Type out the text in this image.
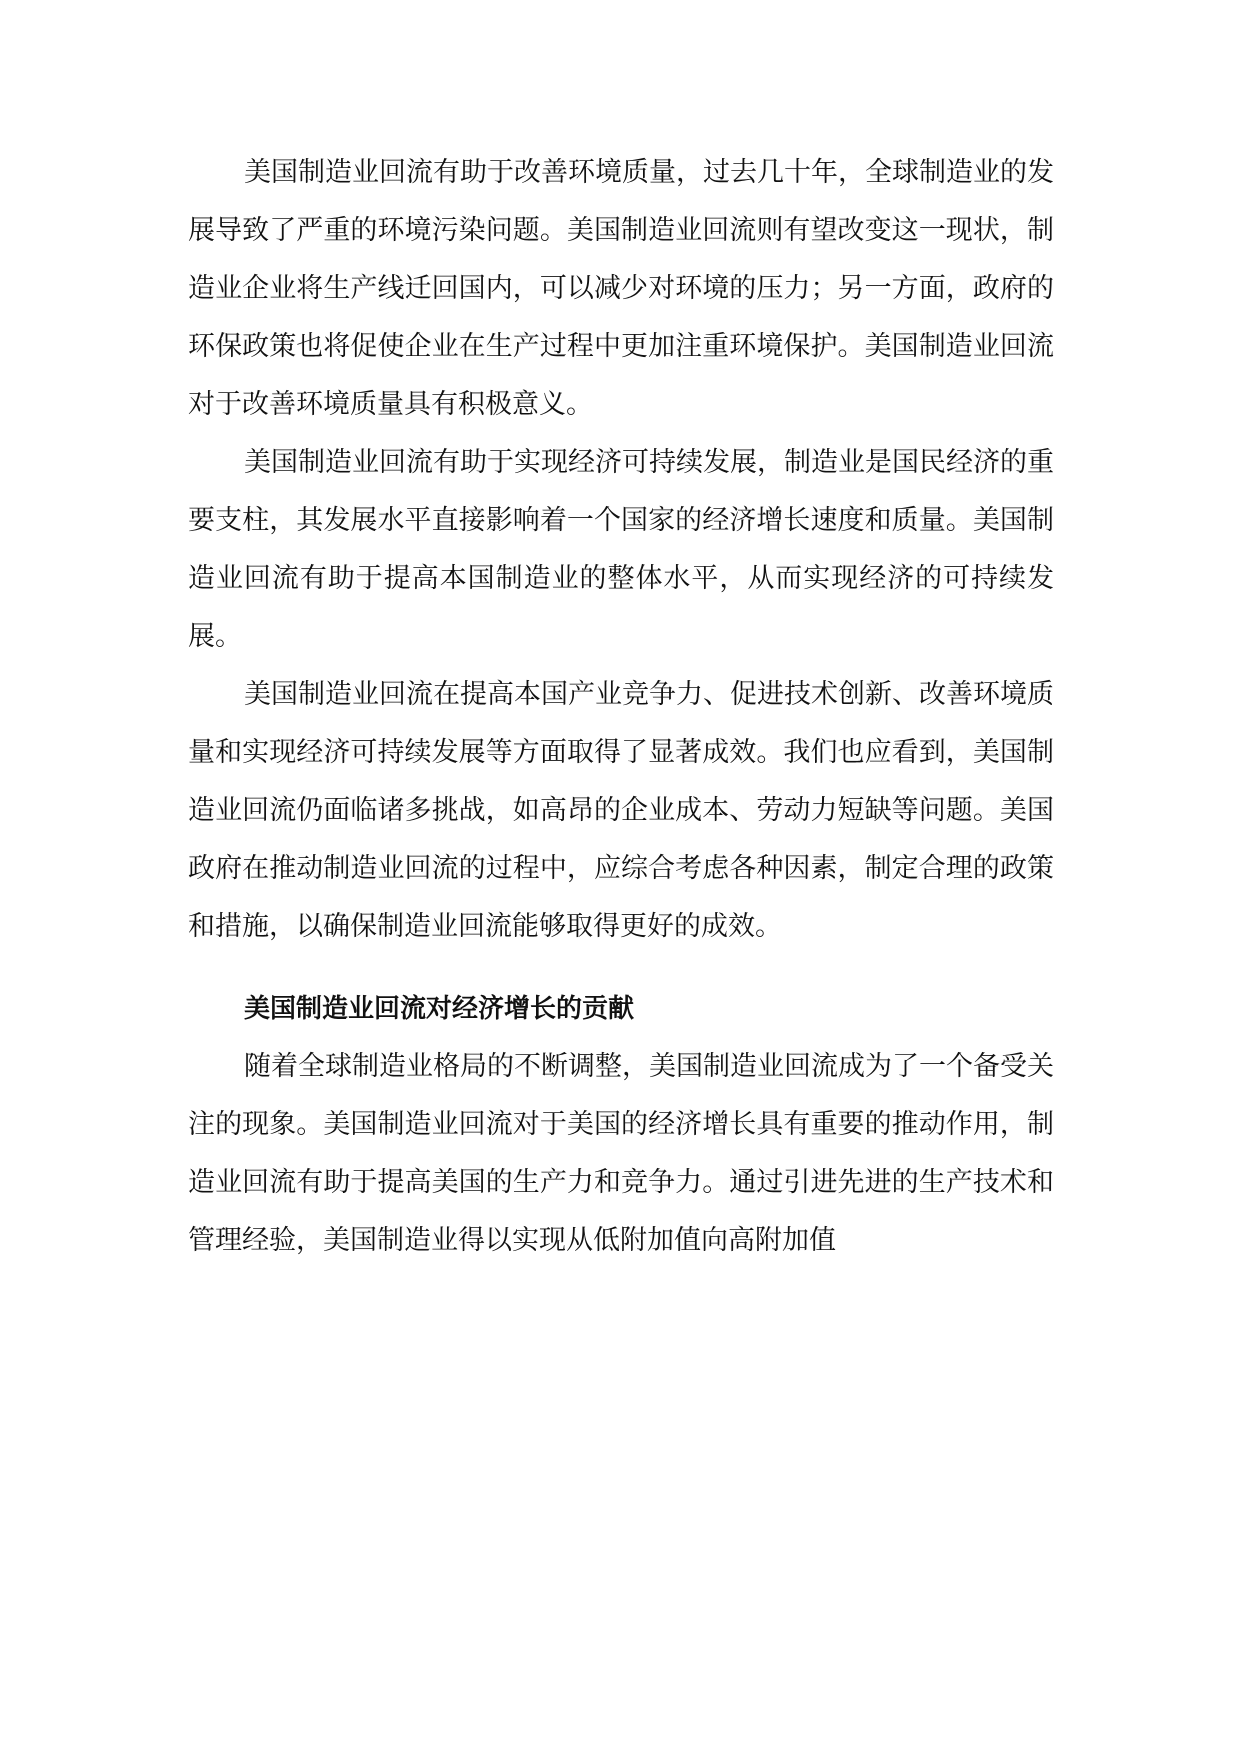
美国制造业回流有助于改善环境质量，过去几十年，全球制造业的发展导致了严重的环境污染问题。美国制造业回流则有望改变这一现状，制造业企业将生产线迁回国内，可以减少对环境的压力；另一方面，政府的环保政策也将促使企业在生产过程中更加注重环境保护。美国制造业回流对于改善环境质量具有积极意义。

美国制造业回流有助于实现经济可持续发展，制造业是国民经济的重要支柱，其发展水平直接影响着一个国家的经济增长速度和质量。美国制造业回流有助于提高本国制造业的整体水平，从而实现经济的可持续发展。

美国制造业回流在提高本国产业竞争力、促进技术创新、改善环境质量和实现经济可持续发展等方面取得了显著成效。我们也应看到，美国制造业回流仍面临诸多挑战，如高昂的企业成本、劳动力短缺等问题。美国政府在推动制造业回流的过程中，应综合考虑各种因素，制定合理的政策和措施，以确保制造业回流能够取得更好的成效。

美国制造业回流对经济增长的贡献

随着全球制造业格局的不断调整，美国制造业回流成为了一个备受关注的现象。美国制造业回流对于美国的经济增长具有重要的推动作用，制造业回流有助于提高美国的生产力和竞争力。通过引进先进的生产技术和管理经验，美国制造业得以实现从低附加值向高附加值
